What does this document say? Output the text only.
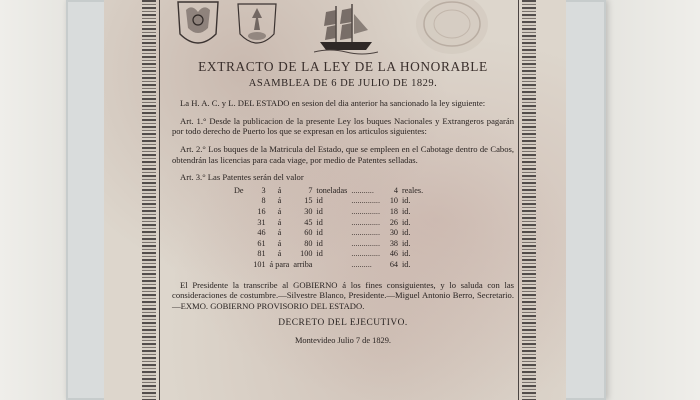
EXTRACTO DE LA LEY DE LA HONORABLE
ASAMBLEA DE 6 DE JULIO DE 1829.

La H. A. C. y L. DEL ESTADO en sesion del dia anterior ha sancionado la ley siguiente:

Art. 1.° Desde la publicacion de la presente Ley los buques Nacionales y Extrangeros pagarán por todo derecho de Puerto los que se expresan en los articulos siguientes:

Art. 2.° Los buques de la Matricula del Estado, que se empleen en el Cabotage dentro de Cabos, obtendrán las licencias para cada viage, por medio de Patentes selladas.

Art. 3.° Las Patentes serán del valor

De	3	á	7	toneladas	...........	4	reales.
	8	á	15	id	..............	10	id.
	16	á	30	id	..............	18	id.
	31	á	45	id	..............	26	id.
	46	á	60	id	..............	30	id.
	61	á	80	id	..............	38	id.
	81	á	100	id	..............	46	id.
	101	á para	arriba		..........	64	id.

El Presidente la transcribe al GOBIERNO á los fines consiguientes, y lo saluda con las consideraciones de costumbre.—Silvestre Blanco, Presidente.—Miguel Antonio Berro, Secretario.—EXMO. GOBIERNO PROVISORIO DEL ESTADO.

DECRETO DEL EJECUTIVO.

Montevideo Julio 7 de 1829.
